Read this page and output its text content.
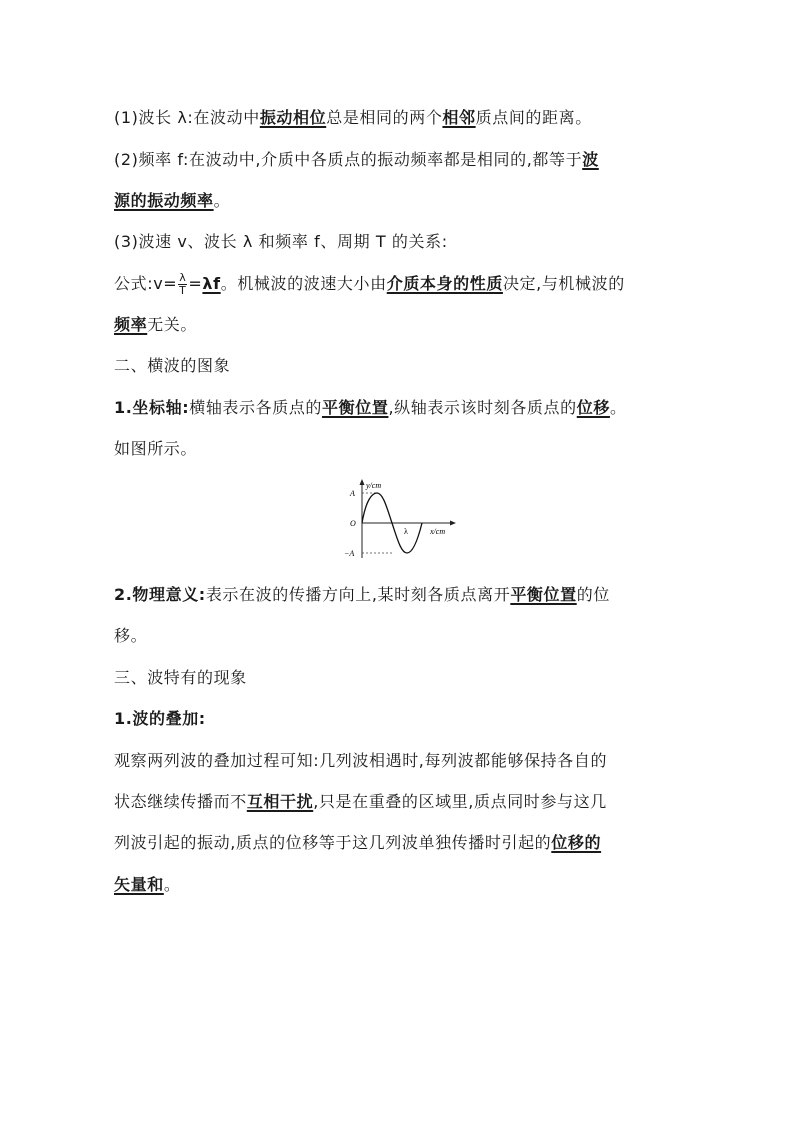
(1)波长 λ:在波动中振动相位总是相同的两个相邻质点间的距离。
(2)频率 f:在波动中,介质中各质点的振动频率都是相同的,都等于波
源的振动频率。
(3)波速 v、波长 λ 和频率 f、周期 T 的关系:
公式:v= $\frac{\lambda}{T} =\lambda f$。机械波的波速大小由介质本身的性质决定,与机械波的
频率无关。
二、横波的图象
1.坐标轴:横轴表示各质点的平衡位置,纵轴表示该时刻各质点的位移。
如图所示。
y/cm
x/cm
A
O
−A
λ
2.物理意义:表示在波的传播方向上,某时刻各质点离开平衡位置的位
移。
三、波特有的现象
1.波的叠加:
观察两列波的叠加过程可知:几列波相遇时,每列波都能够保持各自的
状态继续传播而不互相干扰,只是在重叠的区域里,质点同时参与这几
列波引起的振动,质点的位移等于这几列波单独传播时引起的位移的
矢量和。
